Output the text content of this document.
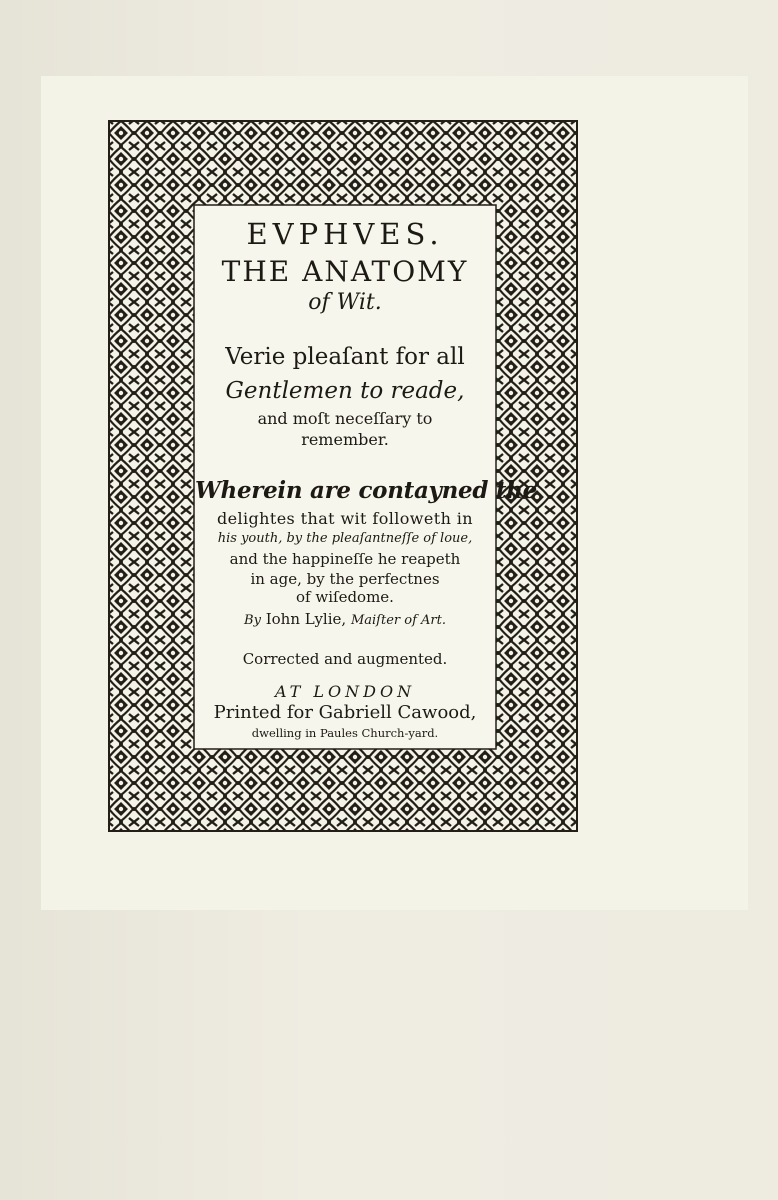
EVPHVES.
THE ANATOMY
of Wit.
Verie pleaſant for all
Gentlemen to reade,
and moſt neceſſary to
remember.
Wherein are contayned the
delightes that wit followeth in
his youth, by the pleaſantneſſe of loue,
and the happineſſe he reapeth
in age, by the perfectnes
of wiſedome.
By Iohn Lylie, Maiſter of Art.
Corrected and augmented.
AT LONDON
Printed for Gabriell Cawood,
dwelling in Paules Church-yard.
